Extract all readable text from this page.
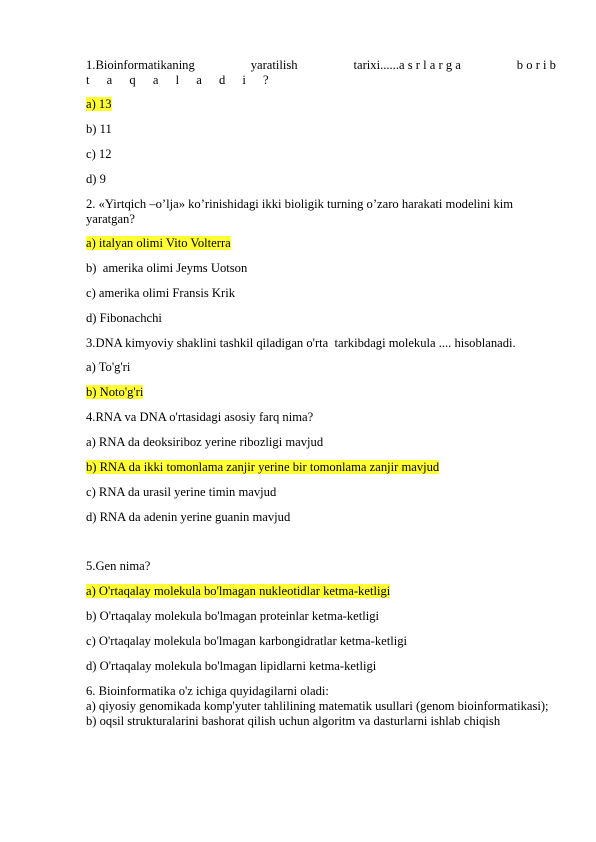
1.Bioinformatikaning	yaratilish	tarixi......a s r l a r g a	b o r i b
t a q a l a d i ?
a) 13
b) 11
c) 12
d) 9
2. «Yirtqich –o’lja» ko’rinishidagi ikki bioligik turning o’zaro harakati modelini kim yaratgan?
a) italyan olimi Vito Volterra
b)  amerika olimi Jeyms Uotson
c) amerika olimi Fransis Krik
d) Fibonachchi
3.DNA kimyoviy shaklini tashkil qiladigan o'rta  tarkibdagi molekula .... hisoblanadi.
a) To'g'ri
b) Noto'g'ri
4.RNA va DNA o'rtasidagi asosiy farq nima?
a) RNA da deoksiriboz yerine ribozligi mavjud
b) RNA da ikki tomonlama zanjir yerine bir tomonlama zanjir mavjud
c) RNA da urasil yerine timin mavjud
d) RNA da adenin yerine guanin mavjud
5.Gen nima?
a) O'rtaqalay molekula bo'lmagan nukleotidlar ketma-ketligi
b) O'rtaqalay molekula bo'lmagan proteinlar ketma-ketligi
c) O'rtaqalay molekula bo'lmagan karbongidratlar ketma-ketligi
d) O'rtaqalay molekula bo'lmagan lipidlarni ketma-ketligi
6. Bioinformatika o'z ichiga quyidagilarni oladi:
a) qiyosiy genomikada komp'yuter tahlilining matematik usullari (genom bioinformatikasi);
b) oqsil strukturalarini bashorat qilish uchun algoritm va dasturlarni ishlab chiqish
